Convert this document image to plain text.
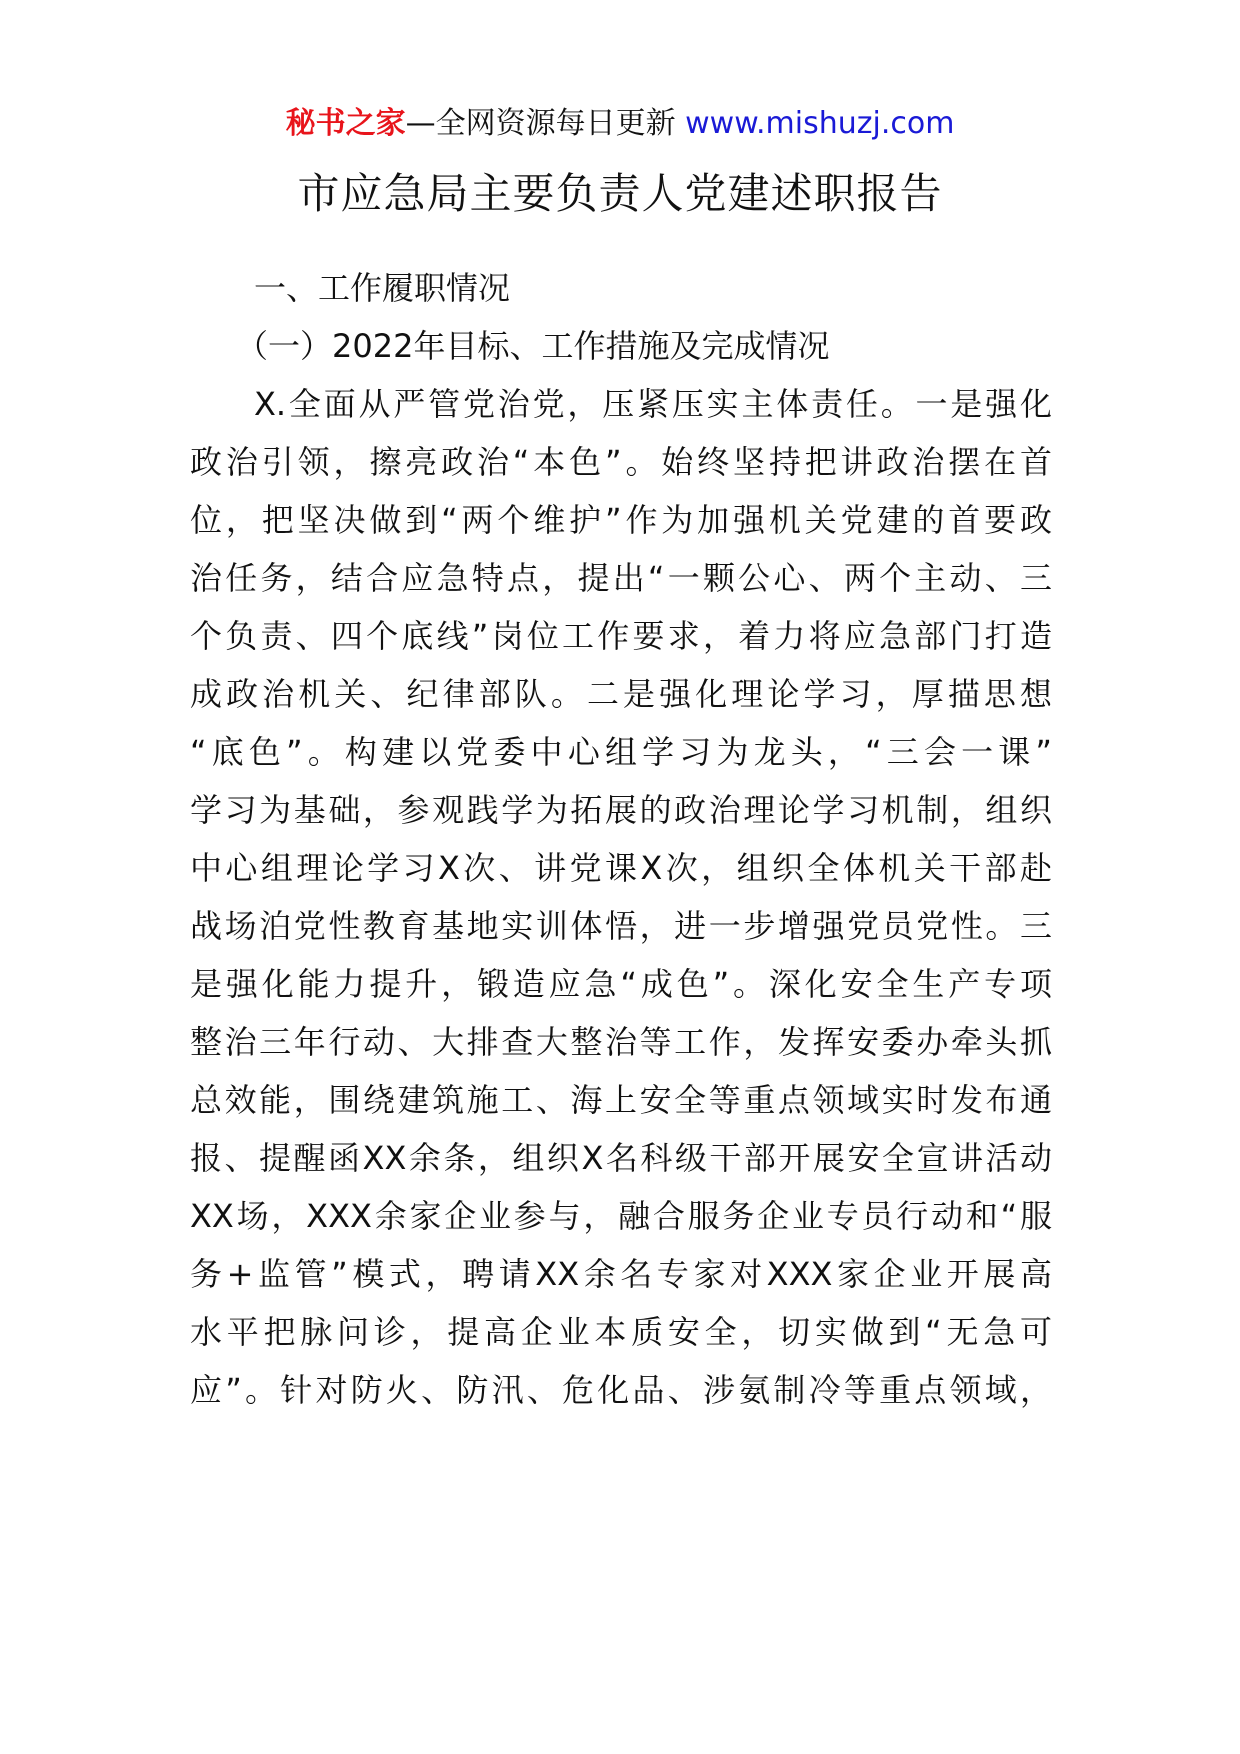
秘书之家—全网资源每日更新 www.mishuzj.com
市应急局主要负责人党建述职报告
一、工作履职情况
（一）2022年目标、工作措施及完成情况
X.全面从严管党治党，压紧压实主体责任。一是强化
政治引领，擦亮政治“本色”。始终坚持把讲政治摆在首
位，把坚决做到“两个维护”作为加强机关党建的首要政
治任务，结合应急特点，提出“一颗公心、两个主动、三
个负责、四个底线”岗位工作要求，着力将应急部门打造
成政治机关、纪律部队。二是强化理论学习，厚描思想
“底色”。构建以党委中心组学习为龙头，“三会一课”
学习为基础，参观践学为拓展的政治理论学习机制，组织
中心组理论学习X次、讲党课X次，组织全体机关干部赴
战场泊党性教育基地实训体悟，进一步增强党员党性。三
是强化能力提升，锻造应急“成色”。深化安全生产专项
整治三年行动、大排查大整治等工作，发挥安委办牵头抓
总效能，围绕建筑施工、海上安全等重点领域实时发布通
报、提醒函XX余条，组织X名科级干部开展安全宣讲活动
XX场，XXX余家企业参与，融合服务企业专员行动和“服
务+监管”模式，聘请XX余名专家对XXX家企业开展高
水平把脉问诊，提高企业本质安全，切实做到“无急可
应”。针对防火、防汛、危化品、涉氨制冷等重点领域，
